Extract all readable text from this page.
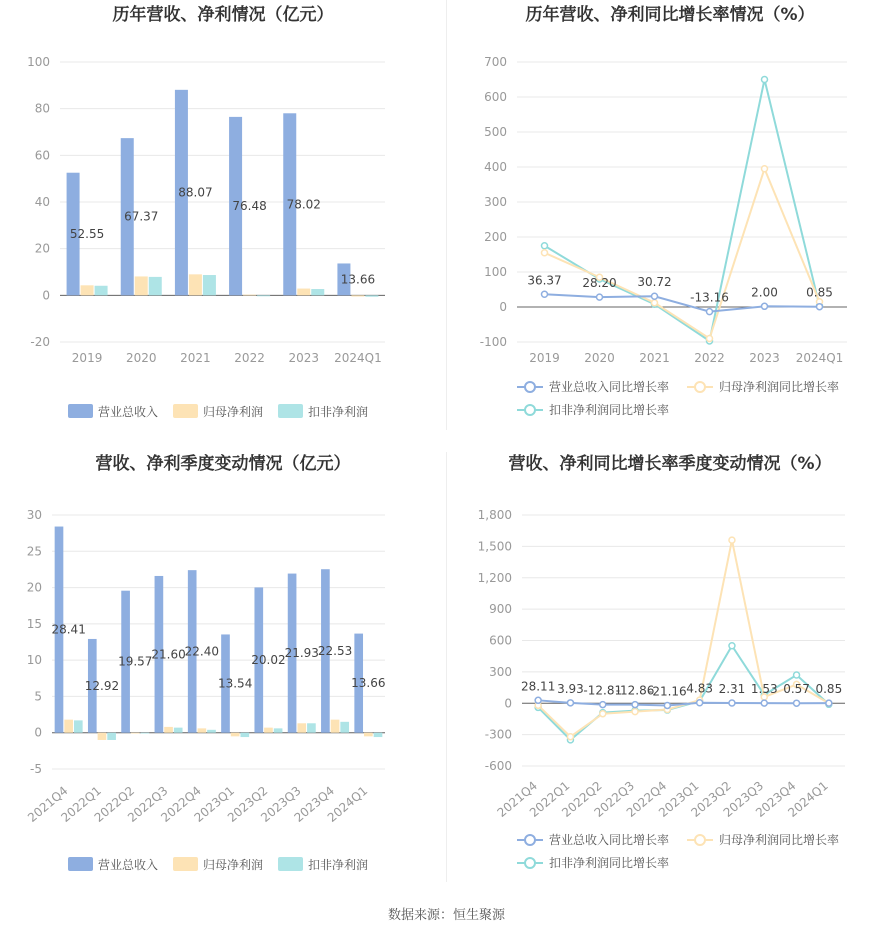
历年营收、净利情况（亿元）
100
80
60
40
20
0
-20
2019 2020 2021 2022 2023 2024Q1
52.55
67.37
88.07
76.48 78.02
13.66
营业总收入	归母净利润	扣非净利润
历年营收、净利同比增长率情况（%）
700
600
500
400
300
200
100
0
-100
2019 2020 2021 2022 2023 2024Q1
36.37 28.20 30.72
-13.16 2.00 0.85
营业总收入同比增长率	归母净利润同比增长率
扣非净利润同比增长率
营收、净利季度变动情况（亿元）
30
25
20
15
10
5
0
-5
2021Q4
2022Q1
2022Q2
2022Q3
2022Q4
2023Q1
2023Q2
2023Q3
2023Q4
2024Q1
28.41
12.92
19.57
21.60
22.40
13.54
20.02
21.93
22.53
13.66
营业总收入	归母净利润	扣非净利润
营收、净利同比增长率季度变动情况（%）
1,800
1,500
1,200
900
600
300
0
-300
-600
2021Q4
2022Q1
2022Q2
2022Q3
2022Q4
2023Q1
2023Q2
2023Q3
2023Q4
2024Q1
28.11 3.93 -12.81
-12.86
-21.16 4.83 2.31 1.53 0.57 0.85
营业总收入同比增长率	归母净利润同比增长率
扣非净利润同比增长率
数据来源：恒生聚源
